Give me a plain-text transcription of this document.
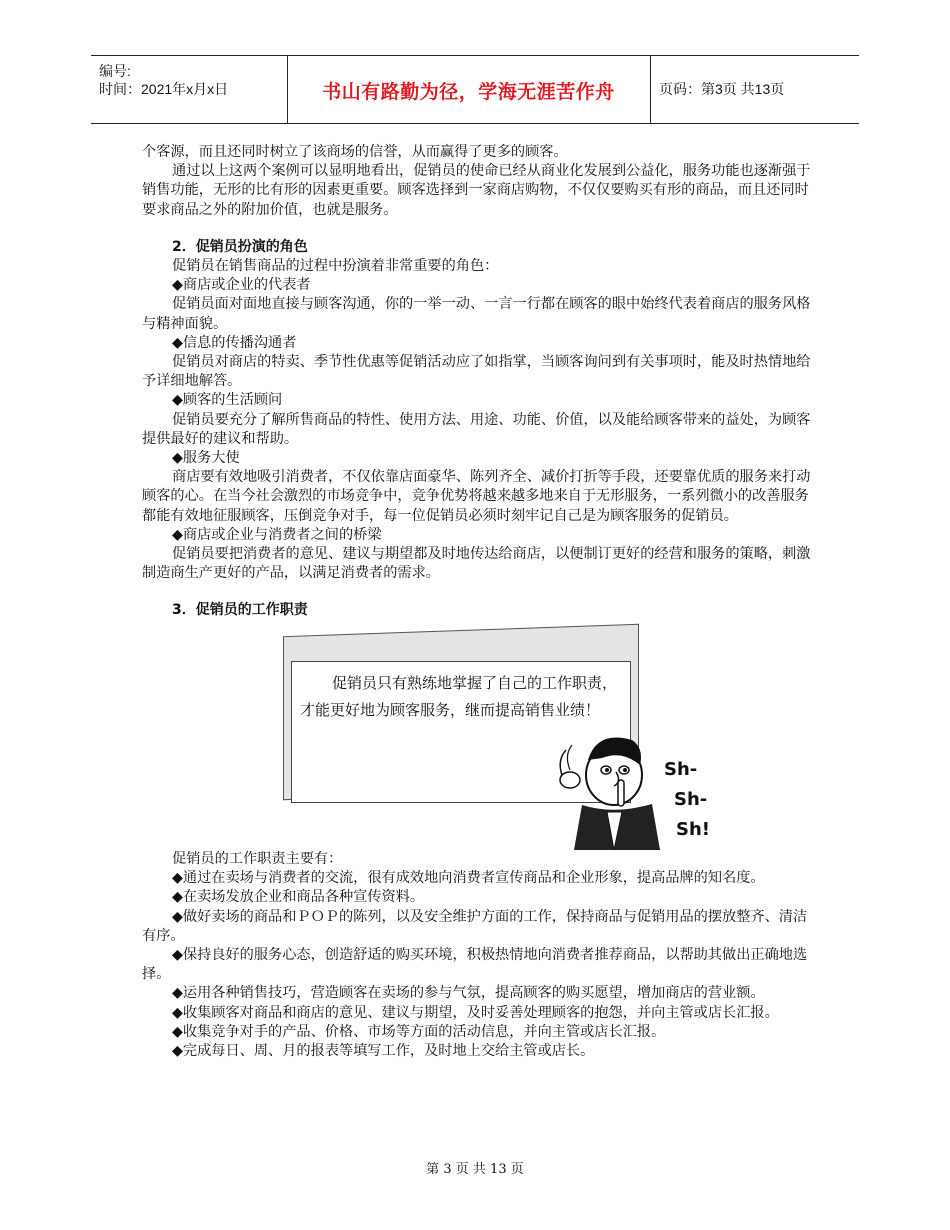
编号:
时间：2021年x月x日	书山有路勤为径，学海无涯苦作舟	页码：第3页 共13页

个客源，而且还同时树立了该商场的信誉，从而赢得了更多的顾客。

通过以上这两个案例可以显明地看出，促销员的使命已经从商业化发展到公益化，服务功能也逐渐强于销售功能，无形的比有形的因素更重要。顾客选择到一家商店购物，不仅仅要购买有形的商品，而且还同时要求商品之外的附加价值，也就是服务。

2．促销员扮演的角色

促销员在销售商品的过程中扮演着非常重要的角色：

◆商店或企业的代表者

促销员面对面地直接与顾客沟通，你的一举一动、一言一行都在顾客的眼中始终代表着商店的服务风格与精神面貌。

◆信息的传播沟通者

促销员对商店的特卖、季节性优惠等促销活动应了如指掌，当顾客询问到有关事项时，能及时热情地给予详细地解答。

◆顾客的生活顾问

促销员要充分了解所售商品的特性、使用方法、用途、功能、价值，以及能给顾客带来的益处，为顾客提供最好的建议和帮助。

◆服务大使

商店要有效地吸引消费者，不仅依靠店面豪华、陈列齐全、减价打折等手段，还要靠优质的服务来打动顾客的心。在当今社会激烈的市场竞争中，竞争优势将越来越多地来自于无形服务，一系列微小的改善服务都能有效地征服顾客，压倒竞争对手，每一位促销员必须时刻牢记自己是为顾客服务的促销员。

◆商店或企业与消费者之间的桥梁

促销员要把消费者的意见、建议与期望都及时地传达给商店，以便制订更好的经营和服务的策略，刺激制造商生产更好的产品，以满足消费者的需求。

3．促销员的工作职责

促销员只有熟练地掌握了自己的工作职责，才能更好地为顾客服务，继而提高销售业绩！
Sh-
Sh-
Sh!

促销员的工作职责主要有：

◆通过在卖场与消费者的交流，很有成效地向消费者宣传商品和企业形象，提高品牌的知名度。

◆在卖场发放企业和商品各种宣传资料。

◆做好卖场的商品和ＰＯＰ的陈列，以及安全维护方面的工作，保持商品与促销用品的摆放整齐、清洁有序。

◆保持良好的服务心态，创造舒适的购买环境，积极热情地向消费者推荐商品，以帮助其做出正确地选择。

◆运用各种销售技巧，营造顾客在卖场的参与气氛，提高顾客的购买愿望，增加商店的营业额。

◆收集顾客对商品和商店的意见、建议与期望，及时妥善处理顾客的抱怨，并向主管或店长汇报。

◆收集竞争对手的产品、价格、市场等方面的活动信息，并向主管或店长汇报。

◆完成每日、周、月的报表等填写工作，及时地上交给主管或店长。

第 3 页 共 13 页
